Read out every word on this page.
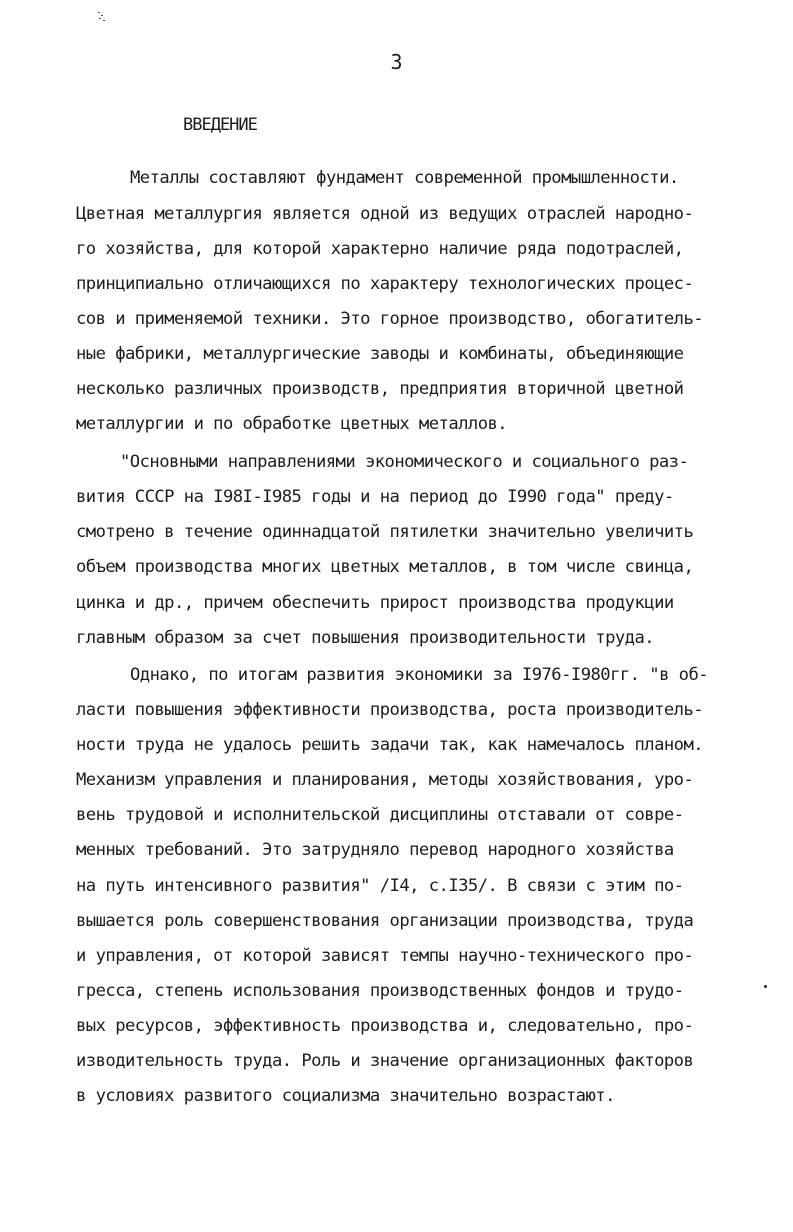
3
ВВЕДЕНИЕ
Металлы составляют фундамент современной промышленности.
Цветная металлургия является одной из ведущих отраслей народно-
го хозяйства, для которой характерно наличие ряда подотраслей,
принципиально отличающихся по характеру технологических процес-
сов и применяемой техники. Это горное производство, обогатитель-
ные фабрики, металлургические заводы и комбинаты, объединяющие
несколько различных производств, предприятия вторичной цветной
металлургии и по обработке цветных металлов.
"Основными направлениями экономического и социального раз-
вития СССР на I98I-I985 годы и на период до I990 года" преду-
смотрено в течение одиннадцатой пятилетки значительно увеличить
объем производства многих цветных металлов, в том числе свинца,
цинка и др., причем обеспечить прирост производства продукции
главным образом за счет повышения производительности труда.
Однако, по итогам развития экономики за I976-I980гг. "в об-
ласти повышения эффективности производства, роста производитель-
ности труда не удалось решить задачи так, как намечалось планом.
Механизм управления и планирования, методы хозяйствования, уро-
вень трудовой и исполнительской дисциплины отставали от совре-
менных требований. Это затрудняло перевод народного хозяйства
на путь интенсивного развития" /I4, с.I35/. В связи с этим по-
вышается роль совершенствования организации производства, труда
и управления, от которой зависят темпы научно-технического про-
гресса, степень использования производственных фондов и трудо-
вых ресурсов, эффективность производства и, следовательно, про-
изводительность труда. Роль и значение организационных факторов
в условиях развитого социализма значительно возрастают.
